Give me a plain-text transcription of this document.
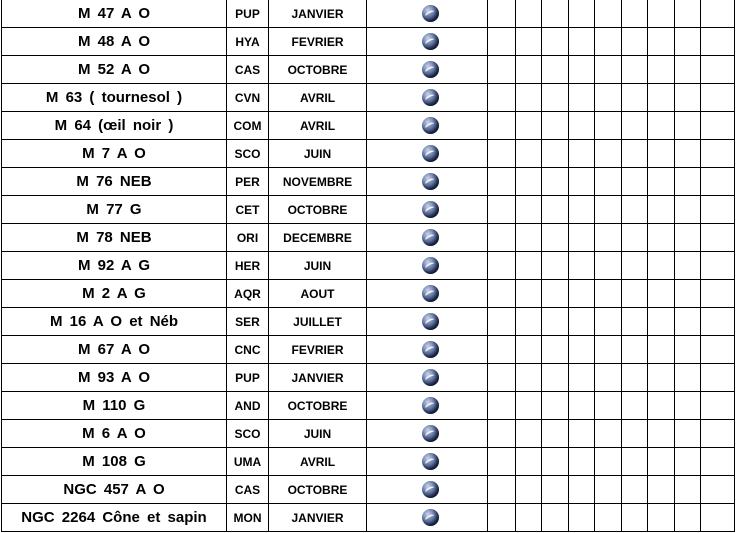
M 47 A O	PUP	JANVIER										
M 48 A O	HYA	FEVRIER										
M 52 A O	CAS	OCTOBRE										
M 63 ( tournesol )	CVN	AVRIL										
M 64 (œil noir )	COM	AVRIL										
M 7 A O	SCO	JUIN										
M 76 NEB	PER	NOVEMBRE										
M 77 G	CET	OCTOBRE										
M 78 NEB	ORI	DECEMBRE										
M 92 A G	HER	JUIN										
M 2 A G	AQR	AOUT										
M 16 A O et Néb	SER	JUILLET										
M 67 A O	CNC	FEVRIER										
M 93 A O	PUP	JANVIER										
M 110 G	AND	OCTOBRE										
M 6 A O	SCO	JUIN										
M 108 G	UMA	AVRIL										
NGC 457 A O	CAS	OCTOBRE										
NGC 2264 Cône et sapin	MON	JANVIER										
